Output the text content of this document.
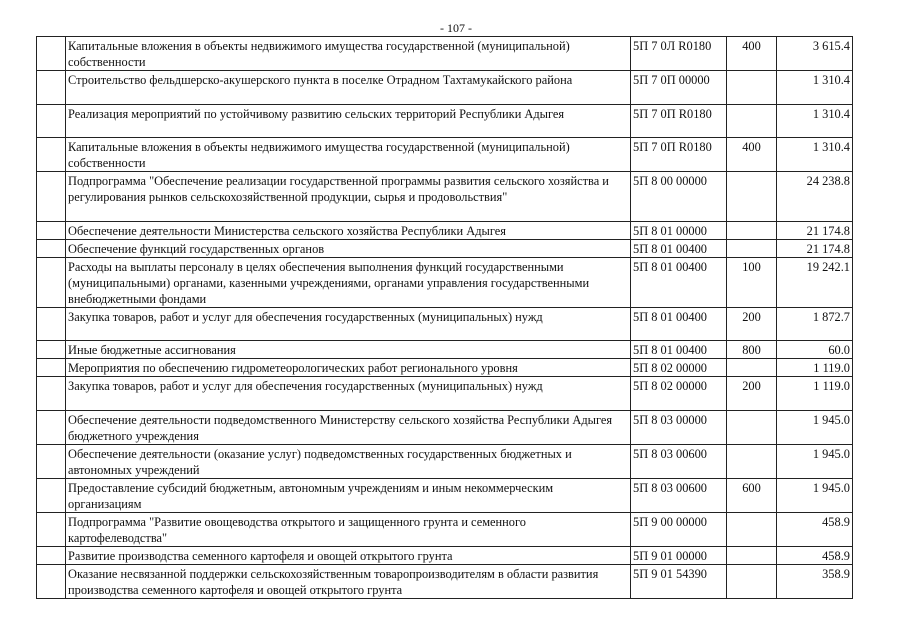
- 107 -
	Капитальные вложения в объекты недвижимого имущества государственной (муниципальной) собственности	5П 7 0Л R0180	400	3 615.4
	Строительство фельдшерско-акушерского пункта в поселке Отрадном Тахтамукайского района	5П 7 0П 00000		1 310.4
	Реализация мероприятий по устойчивому развитию сельских территорий Республики Адыгея	5П 7 0П R0180		1 310.4
	Капитальные вложения в объекты недвижимого имущества государственной (муниципальной) собственности	5П 7 0П R0180	400	1 310.4
	Подпрограмма "Обеспечение реализации государственной программы развития сельского хозяйства и регулирования рынков сельскохозяйственной продукции, сырья и продовольствия"	5П 8 00 00000		24 238.8
	Обеспечение деятельности Министерства сельского хозяйства Республики Адыгея	5П 8 01 00000		21 174.8
	Обеспечение функций государственных органов	5П 8 01 00400		21 174.8
	Расходы на выплаты персоналу в целях обеспечения выполнения функций государственными (муниципальными) органами, казенными учреждениями, органами управления государственными внебюджетными фондами	5П 8 01 00400	100	19 242.1
	Закупка товаров, работ и услуг для обеспечения государственных (муниципальных) нужд	5П 8 01 00400	200	1 872.7
	Иные бюджетные ассигнования	5П 8 01 00400	800	60.0
	Мероприятия по обеспечению гидрометеорологических работ регионального уровня	5П 8 02 00000		1 119.0
	Закупка товаров, работ и услуг для обеспечения государственных (муниципальных) нужд	5П 8 02 00000	200	1 119.0
	Обеспечение деятельности подведомственного Министерству сельского хозяйства Республики Адыгея бюджетного учреждения	5П 8 03 00000		1 945.0
	Обеспечение деятельности (оказание услуг) подведомственных государственных бюджетных и автономных учреждений	5П 8 03 00600		1 945.0
	Предоставление субсидий бюджетным, автономным учреждениям и иным некоммерческим организациям	5П 8 03 00600	600	1 945.0
	Подпрограмма "Развитие овощеводства открытого и защищенного грунта и семенного картофелеводства"	5П 9 00 00000		458.9
	Развитие производства семенного картофеля и овощей открытого грунта	5П 9 01 00000		458.9
	Оказание несвязанной поддержки сельскохозяйственным товаропроизводителям в области развития производства семенного картофеля и овощей открытого грунта	5П 9 01 54390		358.9
